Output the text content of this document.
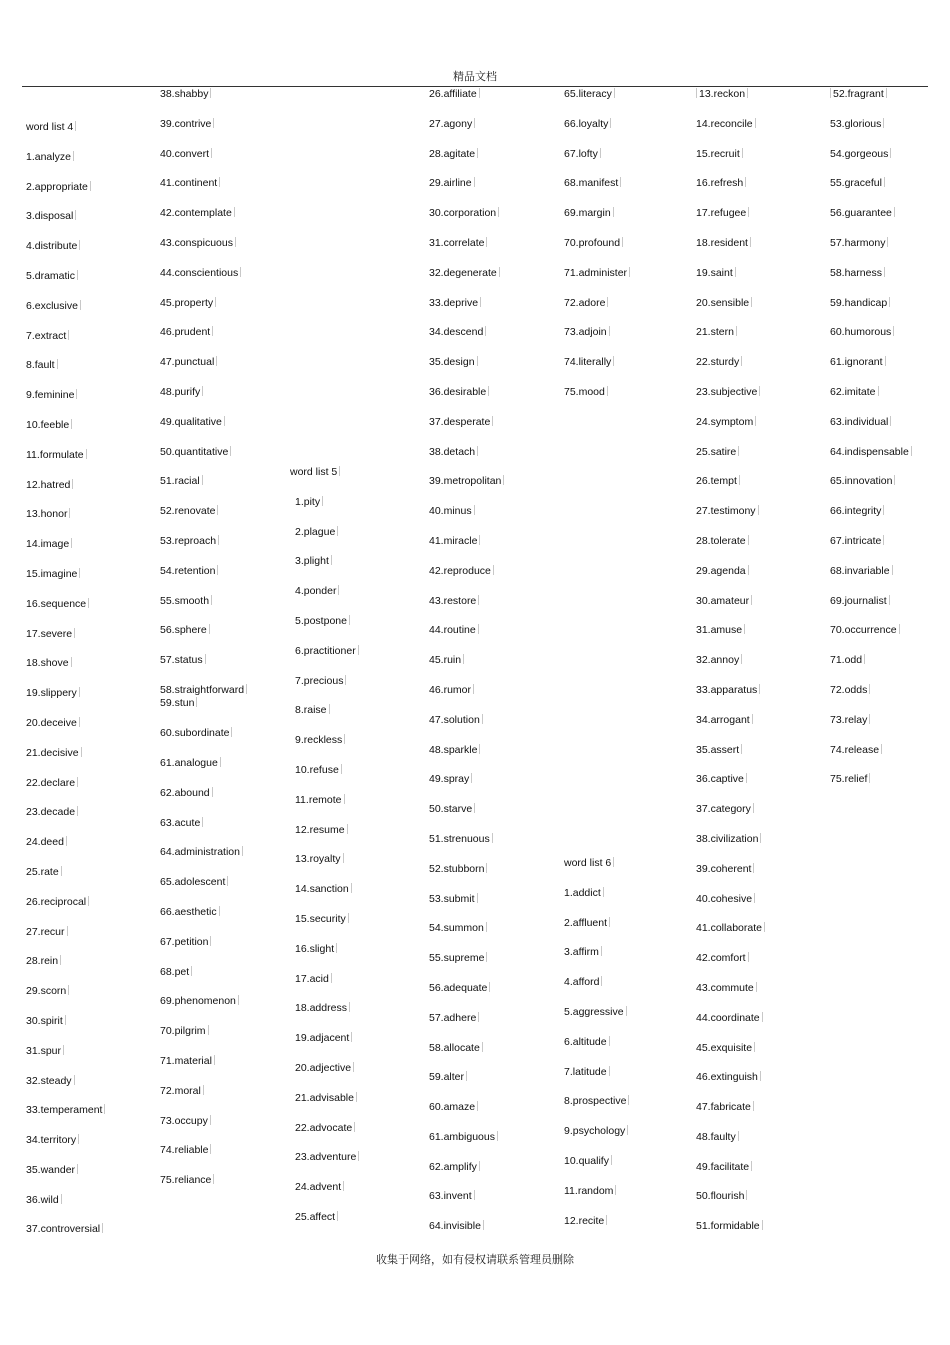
精品文档
word list 4
1.analyze
2.appropriate
3.disposal
4.distribute
5.dramatic
6.exclusive
7.extract
8.fault
9.feminine
10.feeble
11.formulate
12.hatred
13.honor
14.image
15.imagine
16.sequence
17.severe
18.shove
19.slippery
20.deceive
21.decisive
22.declare
23.decade
24.deed
25.rate
26.reciprocal
27.recur
28.rein
29.scorn
30.spirit
31.spur
32.steady
33.temperament
34.territory
35.wander
36.wild
37.controversial
38.shabby
39.contrive
40.convert
41.continent
42.contemplate
43.conspicuous
44.conscientious
45.property
46.prudent
47.punctual
48.purify
49.qualitative
50.quantitative
51.racial
52.renovate
53.reproach
54.retention
55.smooth
56.sphere
57.status
58.straightforward
59.stun
60.subordinate
61.analogue
62.abound
63.acute
64.administration
65.adolescent
66.aesthetic
67.petition
68.pet
69.phenomenon
70.pilgrim
71.material
72.moral
73.occupy
74.reliable
75.reliance
word list 5
1.pity
2.plague
3.plight
4.ponder
5.postpone
6.practitioner
7.precious
8.raise
9.reckless
10.refuse
11.remote
12.resume
13.royalty
14.sanction
15.security
16.slight
17.acid
18.address
19.adjacent
20.adjective
21.advisable
22.advocate
23.adventure
24.advent
25.affect
26.affiliate
27.agony
28.agitate
29.airline
30.corporation
31.correlate
32.degenerate
33.deprive
34.descend
35.design
36.desirable
37.desperate
38.detach
39.metropolitan
40.minus
41.miracle
42.reproduce
43.restore
44.routine
45.ruin
46.rumor
47.solution
48.sparkle
49.spray
50.starve
51.strenuous
52.stubborn
53.submit
54.summon
55.supreme
56.adequate
57.adhere
58.allocate
59.alter
60.amaze
61.ambiguous
62.amplify
63.invent
64.invisible
65.literacy
66.loyalty
67.lofty
68.manifest
69.margin
70.profound
71.administer
72.adore
73.adjoin
74.literally
75.mood
word list 6
1.addict
2.affluent
3.affirm
4.afford
5.aggressive
6.altitude
7.latitude
8.prospective
9.psychology
10.qualify
11.random
12.recite
13.reckon
14.reconcile
15.recruit
16.refresh
17.refugee
18.resident
19.saint
20.sensible
21.stern
22.sturdy
23.subjective
24.symptom
25.satire
26.tempt
27.testimony
28.tolerate
29.agenda
30.amateur
31.amuse
32.annoy
33.apparatus
34.arrogant
35.assert
36.captive
37.category
38.civilization
39.coherent
40.cohesive
41.collaborate
42.comfort
43.commute
44.coordinate
45.exquisite
46.extinguish
47.fabricate
48.faulty
49.facilitate
50.flourish
51.formidable
52.fragrant
53.glorious
54.gorgeous
55.graceful
56.guarantee
57.harmony
58.harness
59.handicap
60.humorous
61.ignorant
62.imitate
63.individual
64.indispensable
65.innovation
66.integrity
67.intricate
68.invariable
69.journalist
70.occurrence
71.odd
72.odds
73.relay
74.release
75.relief
收集于网络，如有侵权请联系管理员删除
